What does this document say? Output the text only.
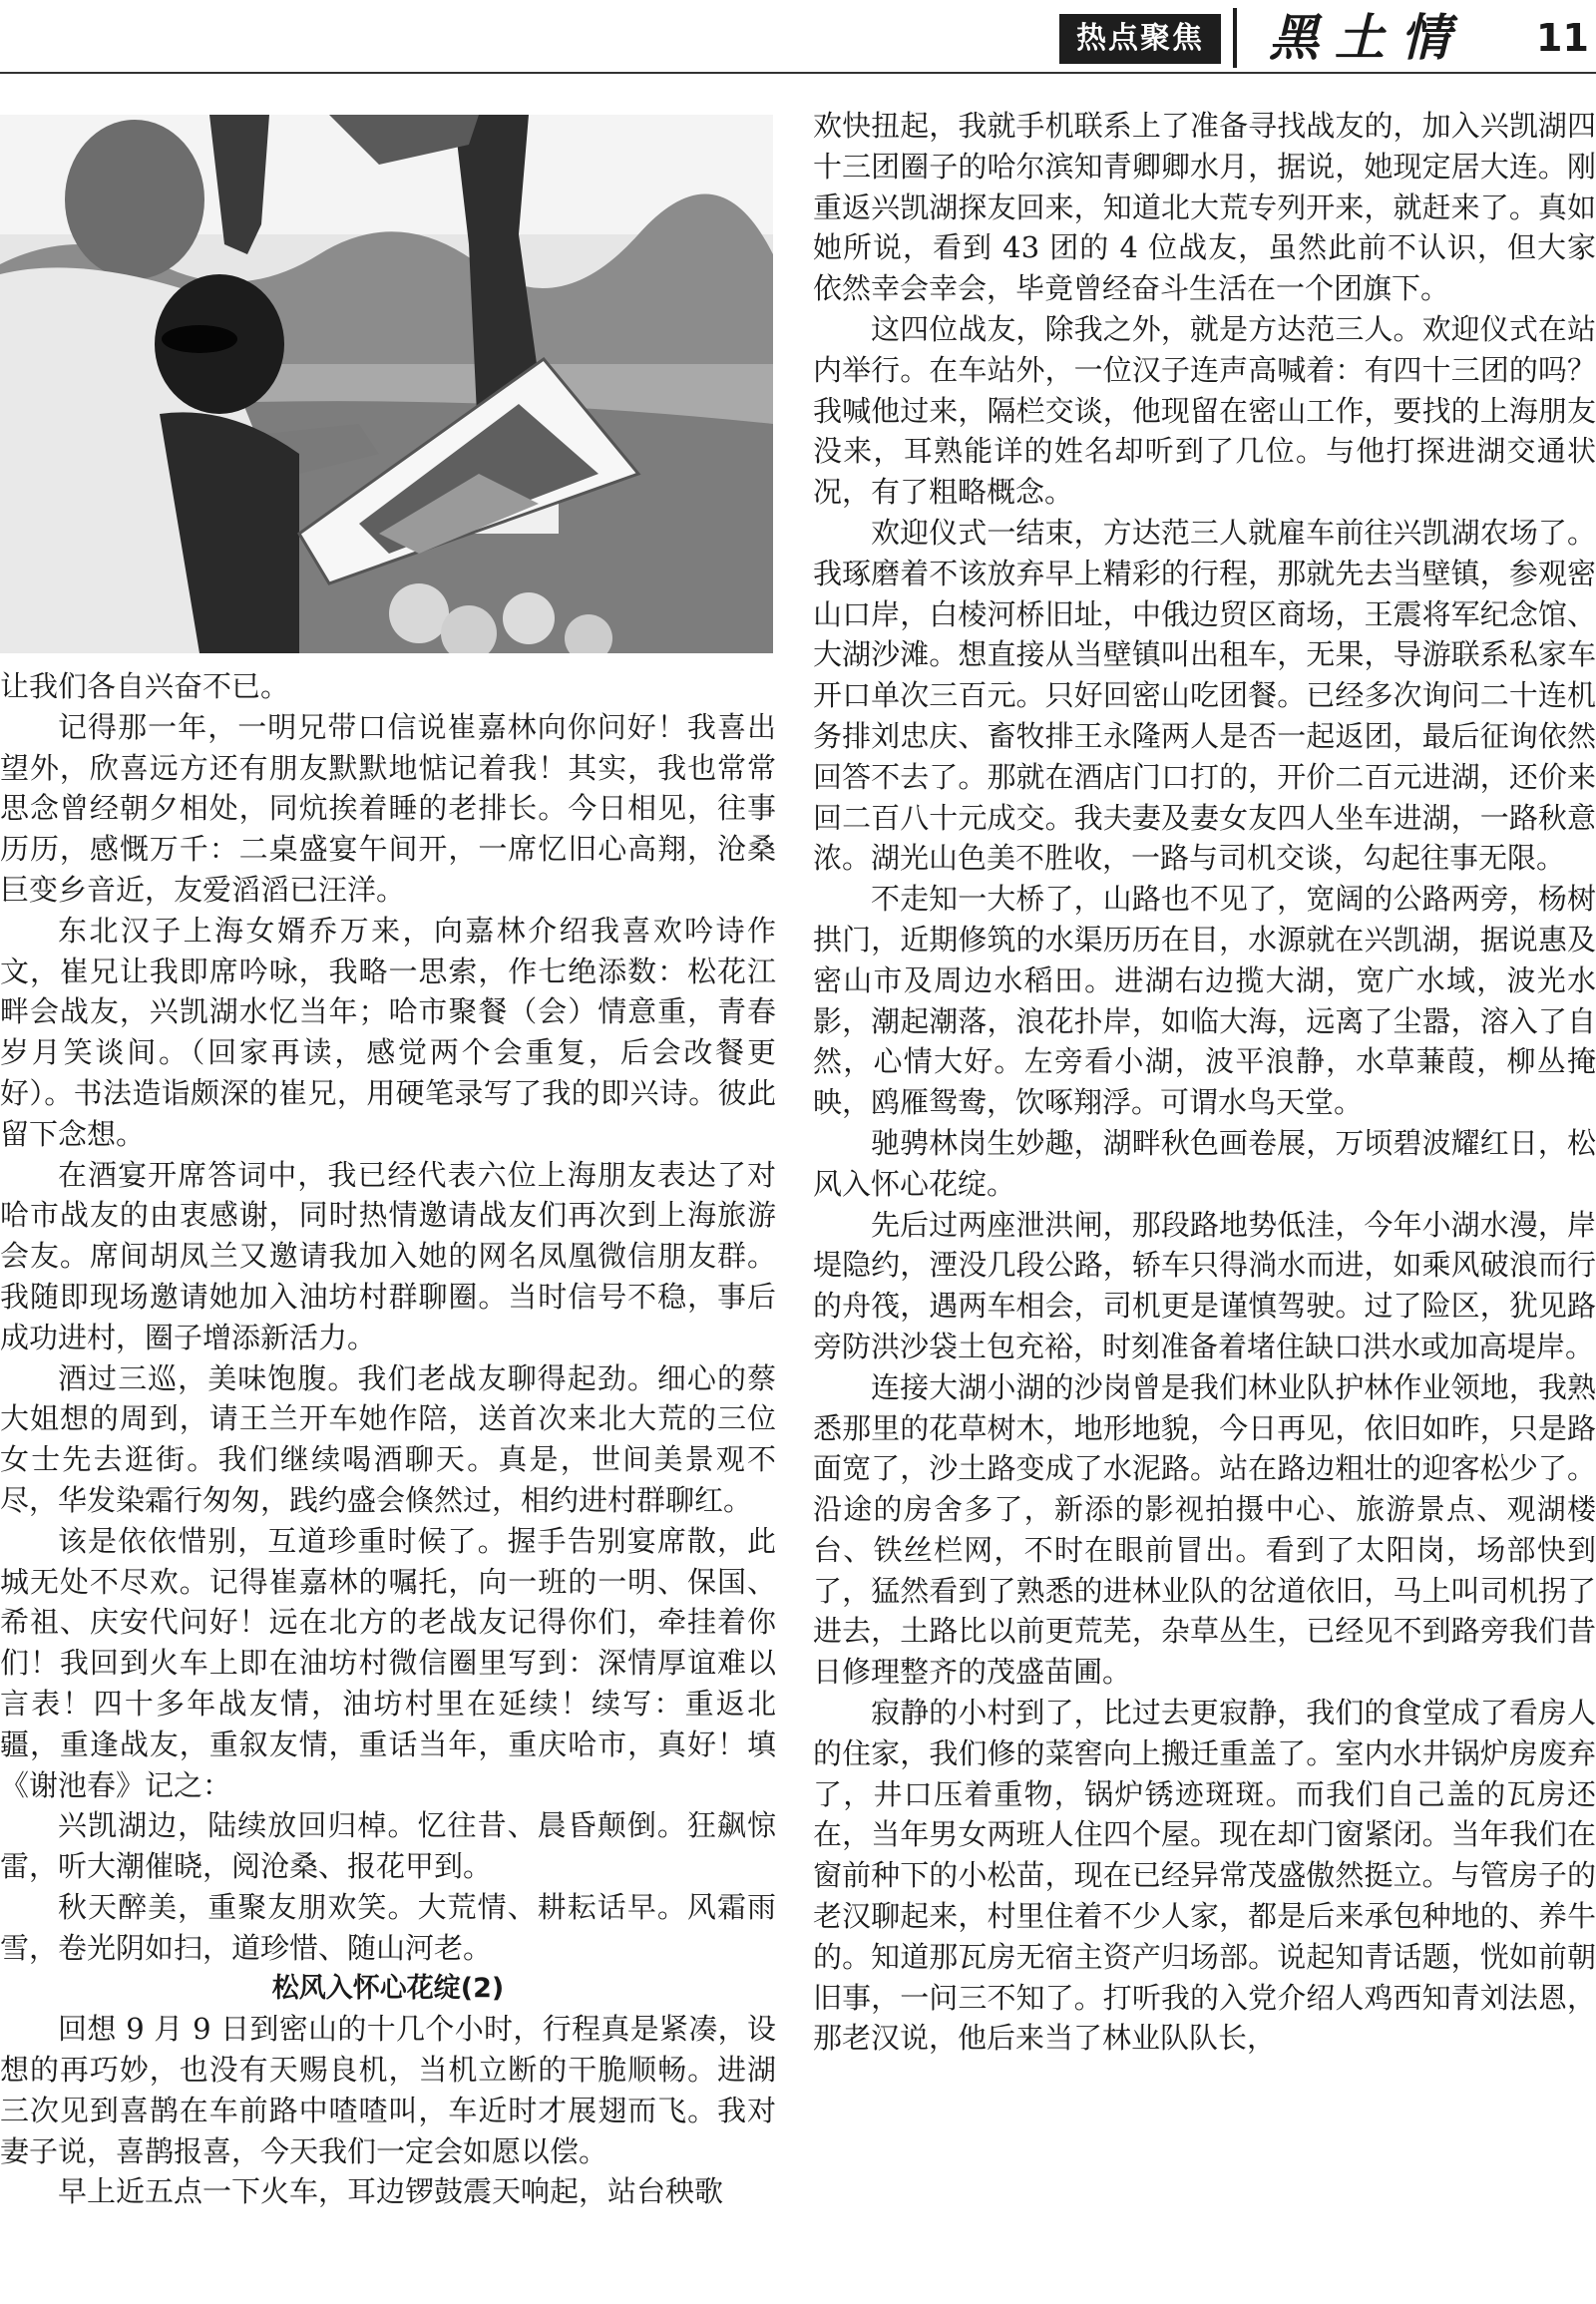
热点聚焦	黑土情 11

让我们各自兴奋不已。

记得那一年，一明兄带口信说崔嘉林向你问好！我喜出望外，欣喜远方还有朋友默默地惦记着我！其实，我也常常思念曾经朝夕相处，同炕挨着睡的老排长。今日相见，往事历历，感慨万千：二桌盛宴午间开，一席忆旧心高翔，沧桑巨变乡音近，友爱滔滔已汪洋。

东北汉子上海女婿乔万来，向嘉林介绍我喜欢吟诗作文，崔兄让我即席吟咏，我略一思索，作七绝添数：松花江畔会战友，兴凯湖水忆当年；哈市聚餐（会）情意重，青春岁月笑谈间。（回家再读，感觉两个会重复，后会改餐更好）。书法造诣颇深的崔兄，用硬笔录写了我的即兴诗。彼此留下念想。

在酒宴开席答词中，我已经代表六位上海朋友表达了对哈市战友的由衷感谢，同时热情邀请战友们再次到上海旅游会友。席间胡凤兰又邀请我加入她的网名凤凰微信朋友群。我随即现场邀请她加入油坊村群聊圈。当时信号不稳，事后成功进村，圈子增添新活力。

酒过三巡，美味饱腹。我们老战友聊得起劲。细心的蔡大姐想的周到，请王兰开车她作陪，送首次来北大荒的三位女士先去逛街。我们继续喝酒聊天。真是，世间美景观不尽，华发染霜行匆匆，践约盛会倏然过，相约进村群聊红。

该是依依惜别，互道珍重时候了。握手告别宴席散，此城无处不尽欢。记得崔嘉林的嘱托，向一班的一明、保国、希祖、庆安代问好！远在北方的老战友记得你们，牵挂着你们！我回到火车上即在油坊村微信圈里写到：深情厚谊难以言表！四十多年战友情，油坊村里在延续！续写：重返北疆，重逢战友，重叙友情，重话当年，重庆哈市，真好！填《谢池春》记之：

兴凯湖边，陆续放回归棹。忆往昔、晨昏颠倒。狂飙惊雷，听大潮催晓，阅沧桑、报花甲到。

秋天醉美，重聚友朋欢笑。大荒情、耕耘话早。风霜雨雪，卷光阴如扫，道珍惜、随山河老。

松风入怀心花绽(2)

回想 9 月 9 日到密山的十几个小时，行程真是紧凑，设想的再巧妙，也没有天赐良机，当机立断的干脆顺畅。进湖三次见到喜鹊在车前路中喳喳叫，车近时才展翅而飞。我对妻子说，喜鹊报喜，今天我们一定会如愿以偿。

早上近五点一下火车，耳边锣鼓震天响起，站台秧歌

欢快扭起，我就手机联系上了准备寻找战友的，加入兴凯湖四十三团圈子的哈尔滨知青卿卿水月，据说，她现定居大连。刚重返兴凯湖探友回来，知道北大荒专列开来，就赶来了。真如她所说，看到 43 团的 4 位战友，虽然此前不认识，但大家依然幸会幸会，毕竟曾经奋斗生活在一个团旗下。

这四位战友，除我之外，就是方达范三人。欢迎仪式在站内举行。在车站外，一位汉子连声高喊着：有四十三团的吗？我喊他过来，隔栏交谈，他现留在密山工作，要找的上海朋友没来，耳熟能详的姓名却听到了几位。与他打探进湖交通状况，有了粗略概念。

欢迎仪式一结束，方达范三人就雇车前往兴凯湖农场了。我琢磨着不该放弃早上精彩的行程，那就先去当壁镇，参观密山口岸，白棱河桥旧址，中俄边贸区商场，王震将军纪念馆、大湖沙滩。想直接从当壁镇叫出租车，无果，导游联系私家车开口单次三百元。只好回密山吃团餐。已经多次询问二十连机务排刘忠庆、畜牧排王永隆两人是否一起返团，最后征询依然回答不去了。那就在酒店门口打的，开价二百元进湖，还价来回二百八十元成交。我夫妻及妻女友四人坐车进湖，一路秋意浓。湖光山色美不胜收，一路与司机交谈，勾起往事无限。

不走知一大桥了，山路也不见了，宽阔的公路两旁，杨树拱门，近期修筑的水渠历历在目，水源就在兴凯湖，据说惠及密山市及周边水稻田。进湖右边揽大湖，宽广水域，波光水影，潮起潮落，浪花扑岸，如临大海，远离了尘嚣，溶入了自然，心情大好。左旁看小湖，波平浪静，水草蒹葭，柳丛掩映，鸥雁鸳鸯，饮啄翔浮。可谓水鸟天堂。

驰骋林岗生妙趣，湖畔秋色画卷展，万顷碧波耀红日，松风入怀心花绽。

先后过两座泄洪闸，那段路地势低洼，今年小湖水漫，岸堤隐约，湮没几段公路，轿车只得淌水而进，如乘风破浪而行的舟筏，遇两车相会，司机更是谨慎驾驶。过了险区，犹见路旁防洪沙袋土包充裕，时刻准备着堵住缺口洪水或加高堤岸。

连接大湖小湖的沙岗曾是我们林业队护林作业领地，我熟悉那里的花草树木，地形地貌，今日再见，依旧如昨，只是路面宽了，沙土路变成了水泥路。站在路边粗壮的迎客松少了。沿途的房舍多了，新添的影视拍摄中心、旅游景点、观湖楼台、铁丝栏网，不时在眼前冒出。看到了太阳岗，场部快到了，猛然看到了熟悉的进林业队的岔道依旧，马上叫司机拐了进去，土路比以前更荒芜，杂草丛生，已经见不到路旁我们昔日修理整齐的茂盛苗圃。

寂静的小村到了，比过去更寂静，我们的食堂成了看房人的住家，我们修的菜窖向上搬迁重盖了。室内水井锅炉房废弃了，井口压着重物，锅炉锈迹斑斑。而我们自己盖的瓦房还在，当年男女两班人住四个屋。现在却门窗紧闭。当年我们在窗前种下的小松苗，现在已经异常茂盛傲然挺立。与管房子的老汉聊起来，村里住着不少人家，都是后来承包种地的、养牛的。知道那瓦房无宿主资产归场部。说起知青话题，恍如前朝旧事，一问三不知了。打听我的入党介绍人鸡西知青刘法恩，那老汉说，他后来当了林业队队长，
